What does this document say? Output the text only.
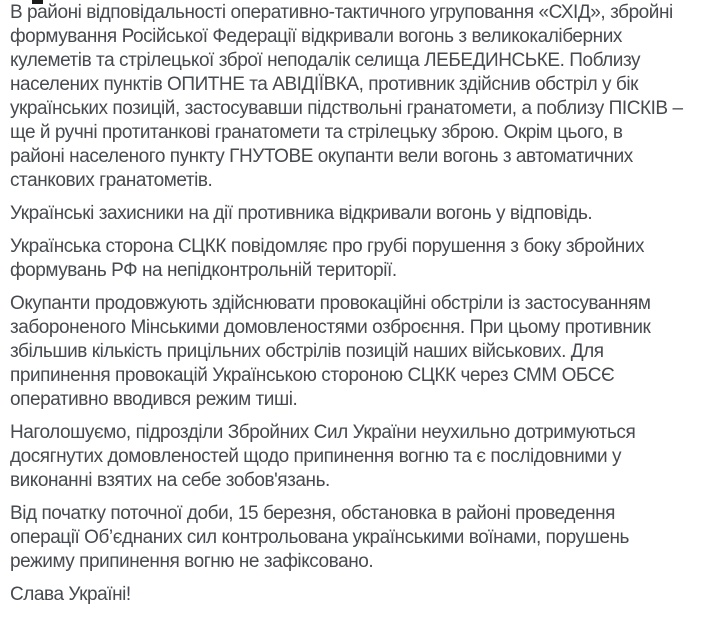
В районі відповідальності оперативно-тактичного угруповання «СХІД», збройні
формування Російської Федерації відкривали вогонь з великокаліберних
кулеметів та стрілецької зброї неподалік селища ЛЕБЕДИНСЬКЕ. Поблизу
населених пунктів ОПИТНЕ та АВІДІЇВКА, противник здійснив обстріл у бік
українських позицій, застосувавши підствольні гранатомети, а поблизу ПІСКІВ –
ще й ручні протитанкові гранатомети та стрілецьку зброю. Окрім цього, в
районі населеного пункту ГНУТОВЕ окупанти вели вогонь з автоматичних
станкових гранатометів.

Українські захисники на дії противника відкривали вогонь у відповідь.

Українська сторона СЦКК повідомляє про грубі порушення з боку збройних
формувань РФ на непідконтрольній території.

Окупанти продовжують здійснювати провокаційні обстріли із застосуванням
забороненого Мінськими домовленостями озброєння. При цьому противник
збільшив кількість прицільних обстрілів позицій наших військових. Для
припинення провокацій Українською стороною СЦКК через СММ ОБСЄ
оперативно вводився режим тиші.

Наголошуємо, підрозділи Збройних Сил України неухильно дотримуються
досягнутих домовленостей щодо припинення вогню та є послідовними у
виконанні взятих на себе зобов'язань.

Від початку поточної доби, 15 березня, обстановка в районі проведення
операції Об’єднаних сил контрольована українськими воїнами, порушень
режиму припинення вогню не зафіксовано.

Слава Україні!
